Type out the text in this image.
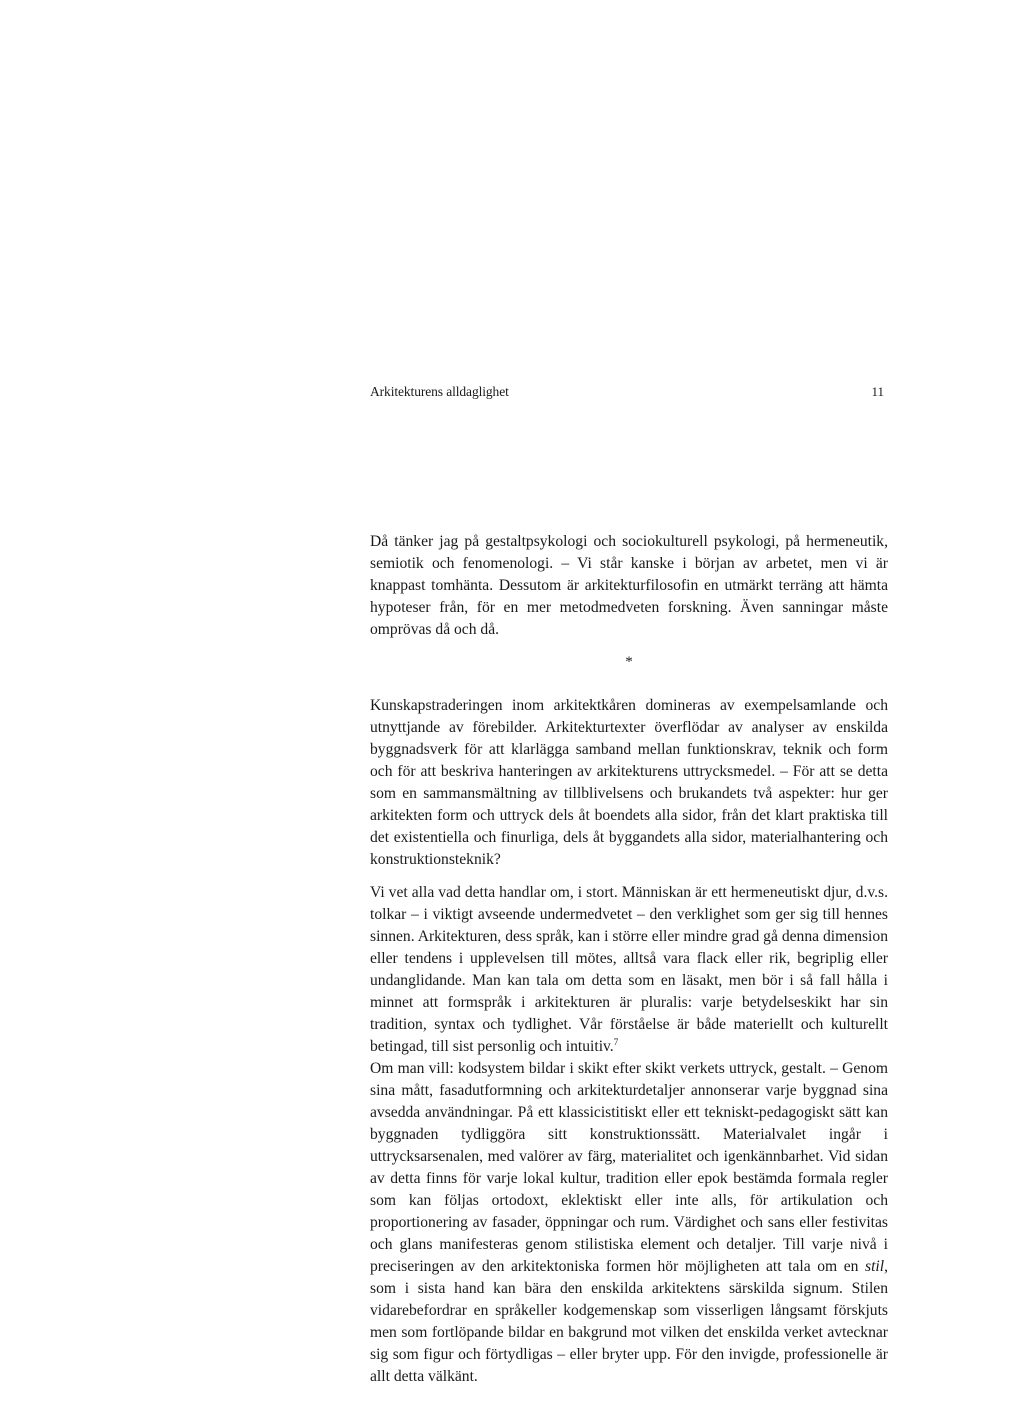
Arkitekturens alldaglighet	11

Då tänker jag på gestaltpsykologi och sociokulturell psykologi, på hermeneutik, semiotik och fenomenologi. – Vi står kanske i början av arbetet, men vi är knappast tomhänta. Dessutom är arkitekturfilosofin en utmärkt terräng att hämta hypoteser från, för en mer metodmedveten forskning. Även sanningar måste omprövas då och då.

*

Kunskapstraderingen inom arkitektkåren domineras av exempelsamlande och utnyttjande av förebilder. Arkitekturtexter överflödar av analyser av enskilda byggnadsverk för att klarlägga samband mellan funktionskrav, teknik och form och för att beskriva hanteringen av arkitekturens uttrycksmedel. – För att se detta som en sammansmältning av tillblivelsens och brukandets två aspekter: hur ger arkitekten form och uttryck dels åt boendets alla sidor, från det klart praktiska till det existentiella och finurliga, dels åt byggandets alla sidor, materialhantering och konstruktionsteknik?

Vi vet alla vad detta handlar om, i stort. Människan är ett hermeneutiskt djur, d.v.s. tolkar – i viktigt avseende undermedvetet – den verklighet som ger sig till hennes sinnen. Arkitekturen, dess språk, kan i större eller mindre grad gå denna dimension eller tendens i upplevelsen till mötes, alltså vara flack eller rik, begriplig eller undanglidande. Man kan tala om detta som en läsakt, men bör i så fall hålla i minnet att formspråk i arkitekturen är pluralis: varje betydelseskikt har sin tradition, syntax och tydlighet. Vår förståelse är både materiellt och kulturellt betingad, till sist personlig och intuitiv.$^7$

Om man vill: kodsystem bildar i skikt efter skikt verkets uttryck, gestalt. – Genom sina mått, fasadutformning och arkitekturdetaljer annonserar varje byggnad sina avsedda användningar. På ett klassicistitiskt eller ett tekniskt-pedagogiskt sätt kan byggnaden tydliggöra sitt konstruktionssätt. Materialvalet ingår i uttrycksarsenalen, med valörer av färg, materialitet och igenkännbarhet. Vid sidan av detta finns för varje lokal kultur, tradition eller epok bestämda formala regler som kan följas ortodoxt, eklektiskt eller inte alls, för artikulation och proportionering av fasader, öppningar och rum. Värdighet och sans eller festivitas och glans manifesteras genom stilistiska element och detaljer. Till varje nivå i preciseringen av den arkitektoniska formen hör möjligheten att tala om en stil, som i sista hand kan bära den enskilda arkitektens särskilda signum. Stilen vidarebefordrar en språkeller kodgemenskap som visserligen långsamt förskjuts men som fortlöpande bildar en bakgrund mot vilken det enskilda verket avtecknar sig som figur och förtydligas – eller bryter upp. För den invigde, professionelle är allt detta välkänt.
